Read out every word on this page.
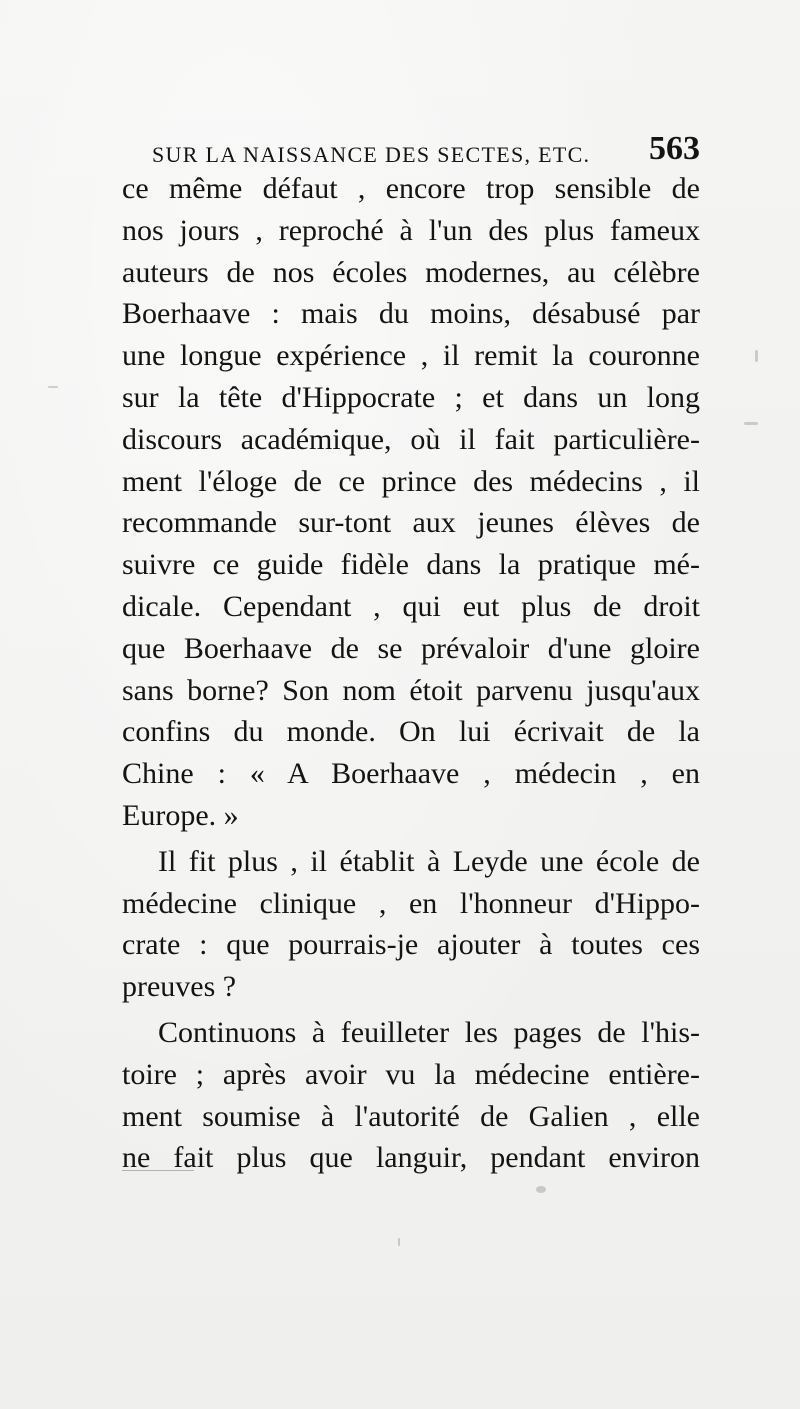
SUR LA NAISSANCE DES SECTES, ETC. 563
ce même défaut , encore trop sensible de
nos jours , reproché à l'un des plus fameux
auteurs de nos écoles modernes, au célèbre
Boerhaave : mais du moins, désabusé par
une longue expérience , il remit la couronne
sur la tête d'Hippocrate ; et dans un long
discours académique, où il fait particulière-
ment l'éloge de ce prince des médecins , il
recommande sur-tont aux jeunes élèves de
suivre ce guide fidèle dans la pratique mé-
dicale. Cependant , qui eut plus de droit
que Boerhaave de se prévaloir d'une gloire
sans borne? Son nom étoit parvenu jusqu'aux
confins du monde. On lui écrivait de la
Chine : « A Boerhaave , médecin , en
Europe. »
Il fit plus , il établit à Leyde une école de
médecine clinique , en l'honneur d'Hippo-
crate : que pourrais-je ajouter à toutes ces
preuves ?
Continuons à feuilleter les pages de l'his-
toire ; après avoir vu la médecine entière-
ment soumise à l'autorité de Galien , elle
ne fait plus que languir, pendant environ
